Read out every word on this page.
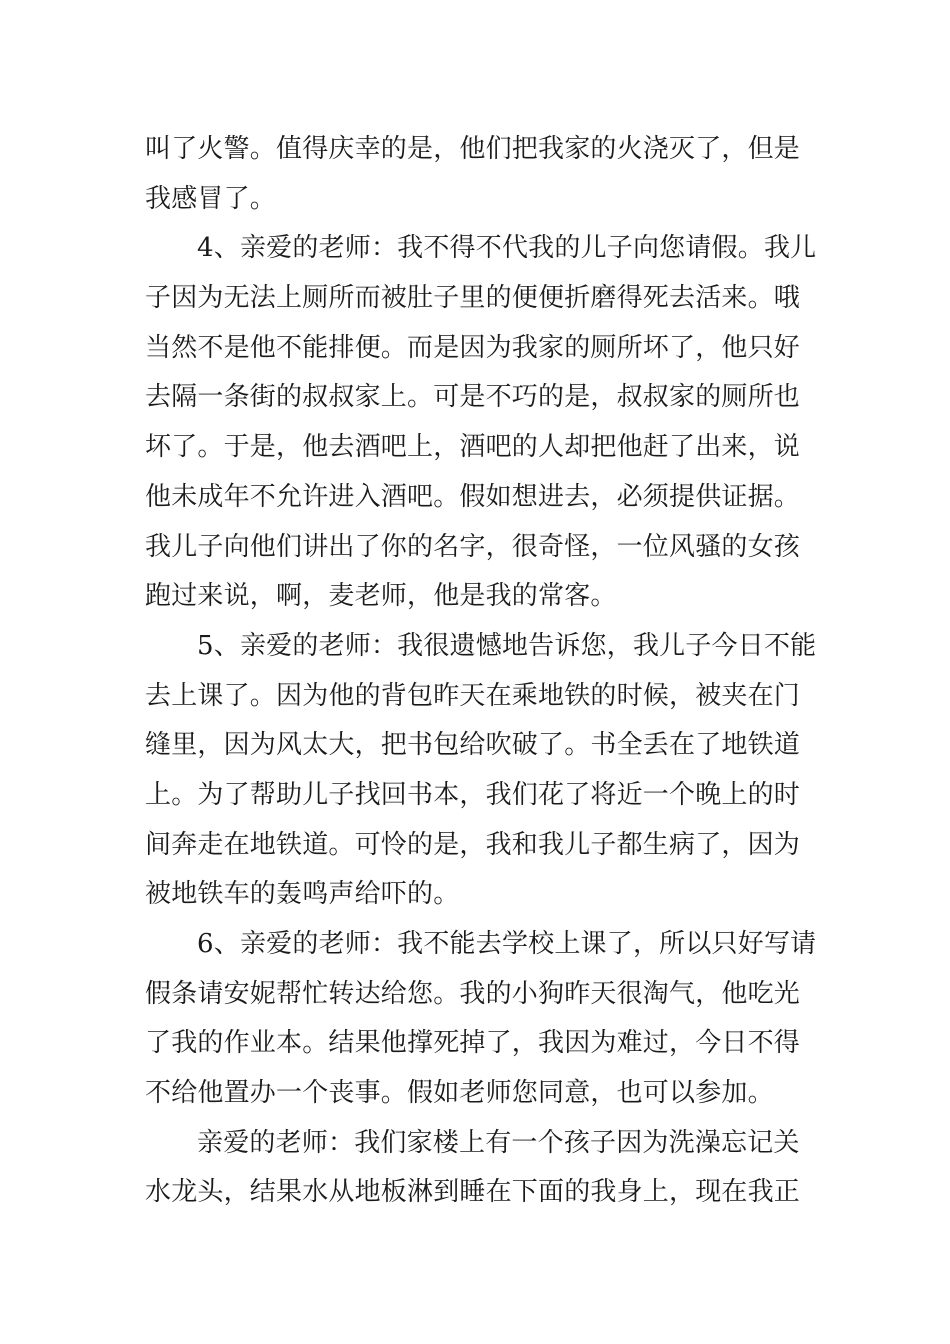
叫了火警。值得庆幸的是，他们把我家的火浇灭了，但是
我感冒了。
4、亲爱的老师：我不得不代我的儿子向您请假。我儿
子因为无法上厕所而被肚子里的便便折磨得死去活来。哦
当然不是他不能排便。而是因为我家的厕所坏了，他只好
去隔一条街的叔叔家上。可是不巧的是，叔叔家的厕所也
坏了。于是，他去酒吧上，酒吧的人却把他赶了出来，说
他未成年不允许进入酒吧。假如想进去，必须提供证据。
我儿子向他们讲出了你的名字，很奇怪，一位风骚的女孩
跑过来说，啊，麦老师，他是我的常客。
5、亲爱的老师：我很遗憾地告诉您，我儿子今日不能
去上课了。因为他的背包昨天在乘地铁的时候，被夹在门
缝里，因为风太大，把书包给吹破了。书全丢在了地铁道
上。为了帮助儿子找回书本，我们花了将近一个晚上的时
间奔走在地铁道。可怜的是，我和我儿子都生病了，因为
被地铁车的轰鸣声给吓的。
6、亲爱的老师：我不能去学校上课了，所以只好写请
假条请安妮帮忙转达给您。我的小狗昨天很淘气，他吃光
了我的作业本。结果他撑死掉了，我因为难过，今日不得
不给他置办一个丧事。假如老师您同意，也可以参加。
亲爱的老师：我们家楼上有一个孩子因为洗澡忘记关
水龙头，结果水从地板淋到睡在下面的我身上，现在我正
